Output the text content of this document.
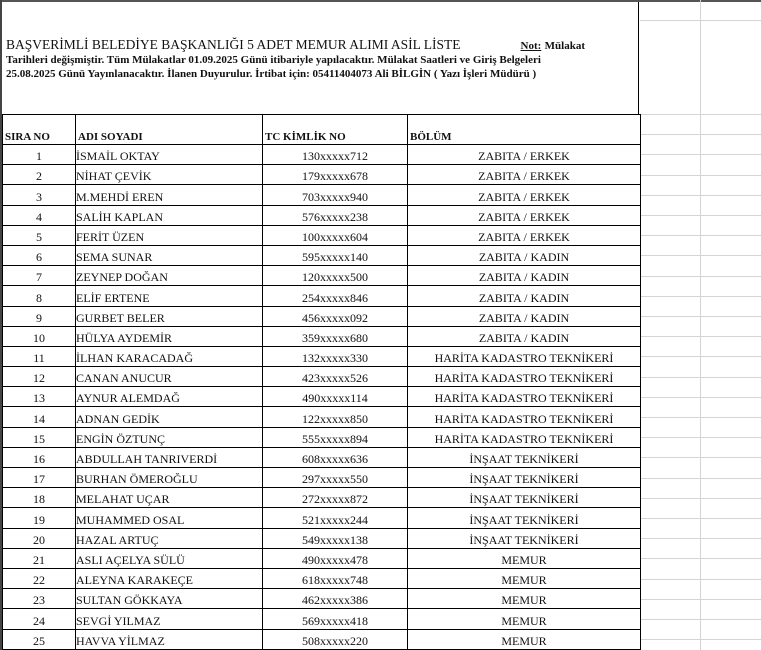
BAŞVERİMLİ BELEDİYE BAŞKANLIĞI 5 ADET MEMUR ALIMI ASİL LİSTE	Not: Mülakat
Tarihleri değişmiştir. Tüm Mülakatlar 01.09.2025 Günü itibariyle yapılacaktır. Mülakat Saatleri ve Giriş Belgeleri
25.08.2025 Günü Yayınlanacaktır. İlanen Duyurulur. İrtibat için: 05411404073 Ali BİLGİN ( Yazı İşleri Müdürü )
SIRA NO	ADI SOYADI	TC KİMLİK NO	BÖLÜM
1	İSMAİL OKTAY	130xxxxx712	ZABITA / ERKEK
2	NİHAT ÇEVİK	179xxxxx678	ZABITA / ERKEK
3	M.MEHDİ EREN	703xxxxx940	ZABITA / ERKEK
4	SALİH KAPLAN	576xxxxx238	ZABITA / ERKEK
5	FERİT ÜZEN	100xxxxx604	ZABITA / ERKEK
6	SEMA SUNAR	595xxxxx140	ZABITA / KADIN
7	ZEYNEP DOĞAN	120xxxxx500	ZABITA / KADIN
8	ELİF ERTENE	254xxxxx846	ZABITA / KADIN
9	GURBET BELER	456xxxxx092	ZABITA / KADIN
10	HÜLYA AYDEMİR	359xxxxx680	ZABITA / KADIN
11	İLHAN KARACADAĞ	132xxxxx330	HARİTA KADASTRO TEKNİKERİ
12	CANAN ANUCUR	423xxxxx526	HARİTA KADASTRO TEKNİKERİ
13	AYNUR ALEMDAĞ	490xxxxx114	HARİTA KADASTRO TEKNİKERİ
14	ADNAN GEDİK	122xxxxx850	HARİTA KADASTRO TEKNİKERİ
15	ENGİN ÖZTUNÇ	555xxxxx894	HARİTA KADASTRO TEKNİKERİ
16	ABDULLAH TANRIVERDİ	608xxxxx636	İNŞAAT TEKNİKERİ
17	BURHAN ÖMEROĞLU	297xxxxx550	İNŞAAT TEKNİKERİ
18	MELAHAT UÇAR	272xxxxx872	İNŞAAT TEKNİKERİ
19	MUHAMMED OSAL	521xxxxx244	İNŞAAT TEKNİKERİ
20	HAZAL ARTUÇ	549xxxxx138	İNŞAAT TEKNİKERİ
21	ASLI AÇELYA SÜLÜ	490xxxxx478	MEMUR
22	ALEYNA KARAKEÇE	618xxxxx748	MEMUR
23	SULTAN GÖKKAYA	462xxxxx386	MEMUR
24	SEVGİ YILMAZ	569xxxxx418	MEMUR
25	HAVVA YİLMAZ	508xxxxx220	MEMUR
